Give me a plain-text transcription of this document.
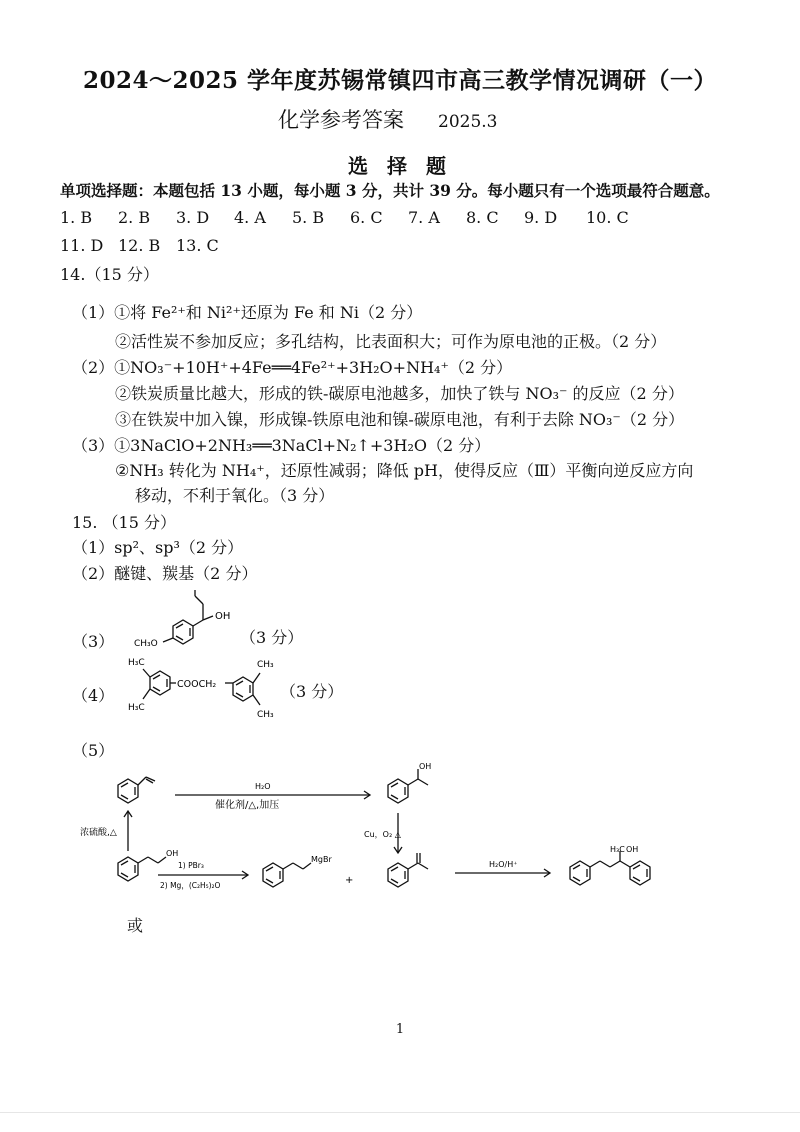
2024～2025 学年度苏锡常镇四市高三教学情况调研（一）
化学参考答案 2025.3
选 择 题
单项选择题：本题包括 13 小题，每小题 3 分，共计 39 分。每小题只有一个选项最符合题意。
1. B 2. B 3. D 4. A 5. B 6. C 7. A 8. C 9. D 10. C
11. D 12. B 13. C
14.（15 分）
（1）①将 Fe²⁺和 Ni²⁺还原为 Fe 和 Ni（2 分）
②活性炭不参加反应；多孔结构，比表面积大；可作为原电池的正极。（2 分）
（2）①NO₃⁻+10H⁺+4Fe══4Fe²⁺+3H₂O+NH₄⁺（2 分）
②铁炭质量比越大，形成的铁-碳原电池越多，加快了铁与 NO₃⁻ 的反应（2 分）
③在铁炭中加入镍，形成镍-铁原电池和镍-碳原电池，有利于去除 NO₃⁻（2 分）
（3）①3NaClO+2NH₃══3NaCl+N₂↑+3H₂O（2 分）
②NH₃ 转化为 NH₄⁺，还原性减弱；降低 pH，使得反应（Ⅲ）平衡向逆反应方向
移动，不利于氧化。（3 分）
15. （15 分）
（1）sp²、sp³（2 分）
（2）醚键、羰基（2 分）
（3）	（3 分）
（4）	（3 分）
（5）
OH
CH₃O
H₃C
H₃C
COOCH₂
CH₃
CH₃
H₂O
催化剂/△,加压
OH
浓硫酸,△	Cu，O₂ △
OH
1) PBr₃
2) Mg，(C₂H₅)₂O
MgBr
+
H₂O/H⁺
H₃C OH
或
1
